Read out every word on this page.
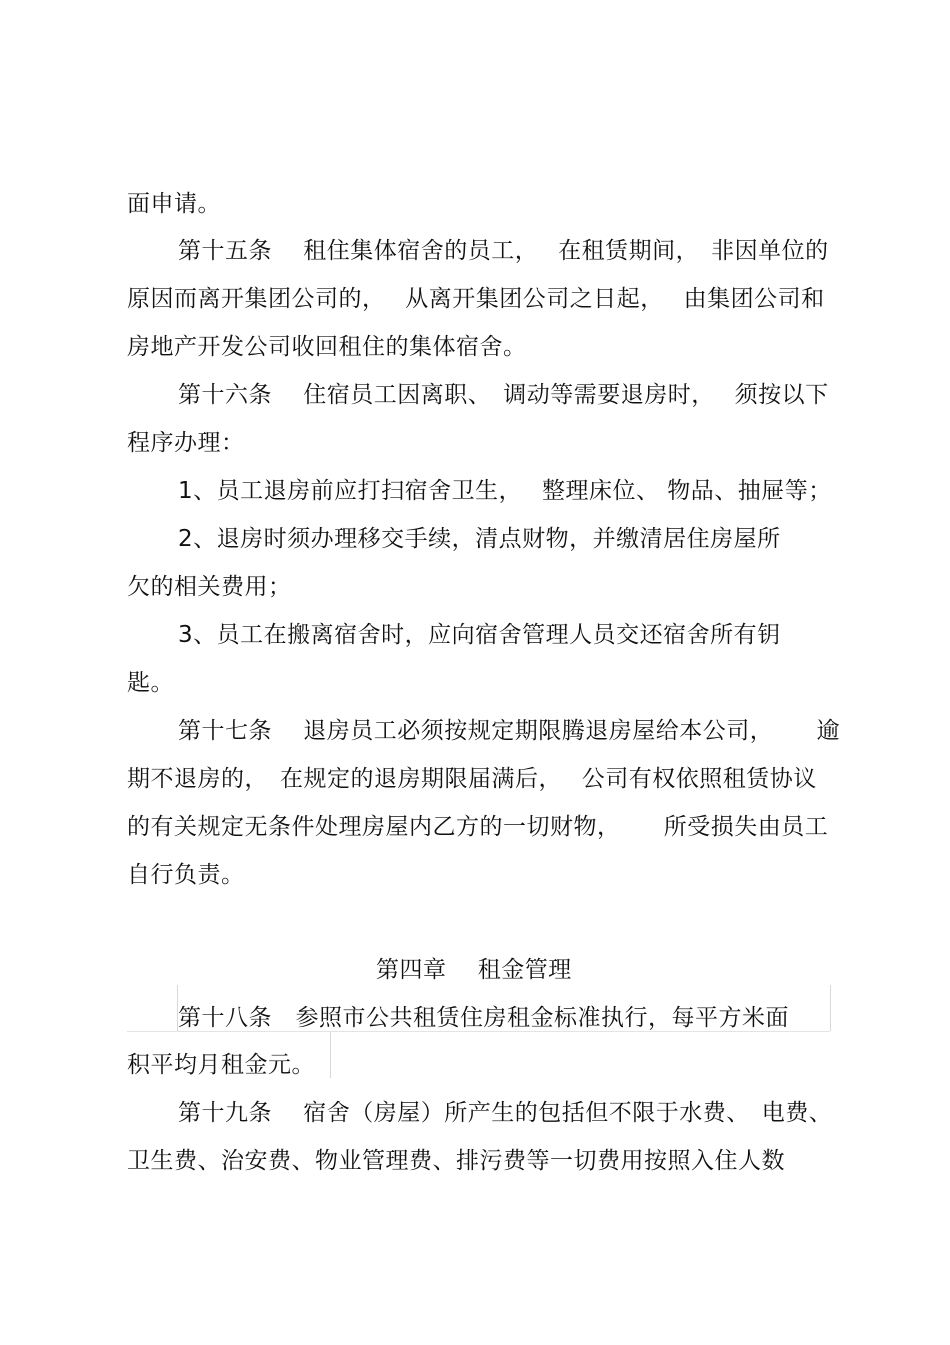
面申请。
第十五条　 租住集体宿舍的员工，　 在租赁期间，　非因单位的
原因而离开集团公司的，　 从离开集团公司之日起，　 由集团公司和
房地产开发公司收回租住的集体宿舍。
第十六条　 住宿员工因离职、　调动等需要退房时，　 须按以下
程序办理：
1、员工退房前应打扫宿舍卫生，　 整理床位、 物品、抽屉等；
2、退房时须办理移交手续，清点财物，并缴清居住房屋所
欠的相关费用；
3、员工在搬离宿舍时，应向宿舍管理人员交还宿舍所有钥
匙。
第十七条　 退房员工必须按规定期限腾退房屋给本公司，　　 逾
期不退房的，　在规定的退房期限届满后，　 公司有权依照租赁协议
的有关规定无条件处理房屋内乙方的一切财物，　　 所受损失由员工
自行负责。
第四章　 租金管理
第十八条　参照市公共租赁住房租金标准执行，每平方米面
积平均月租金元。
第十九条　 宿舍（房屋）所产生的包括但不限于水费、　电费、
卫生费、治安费、物业管理费、排污费等一切费用按照入住人数
